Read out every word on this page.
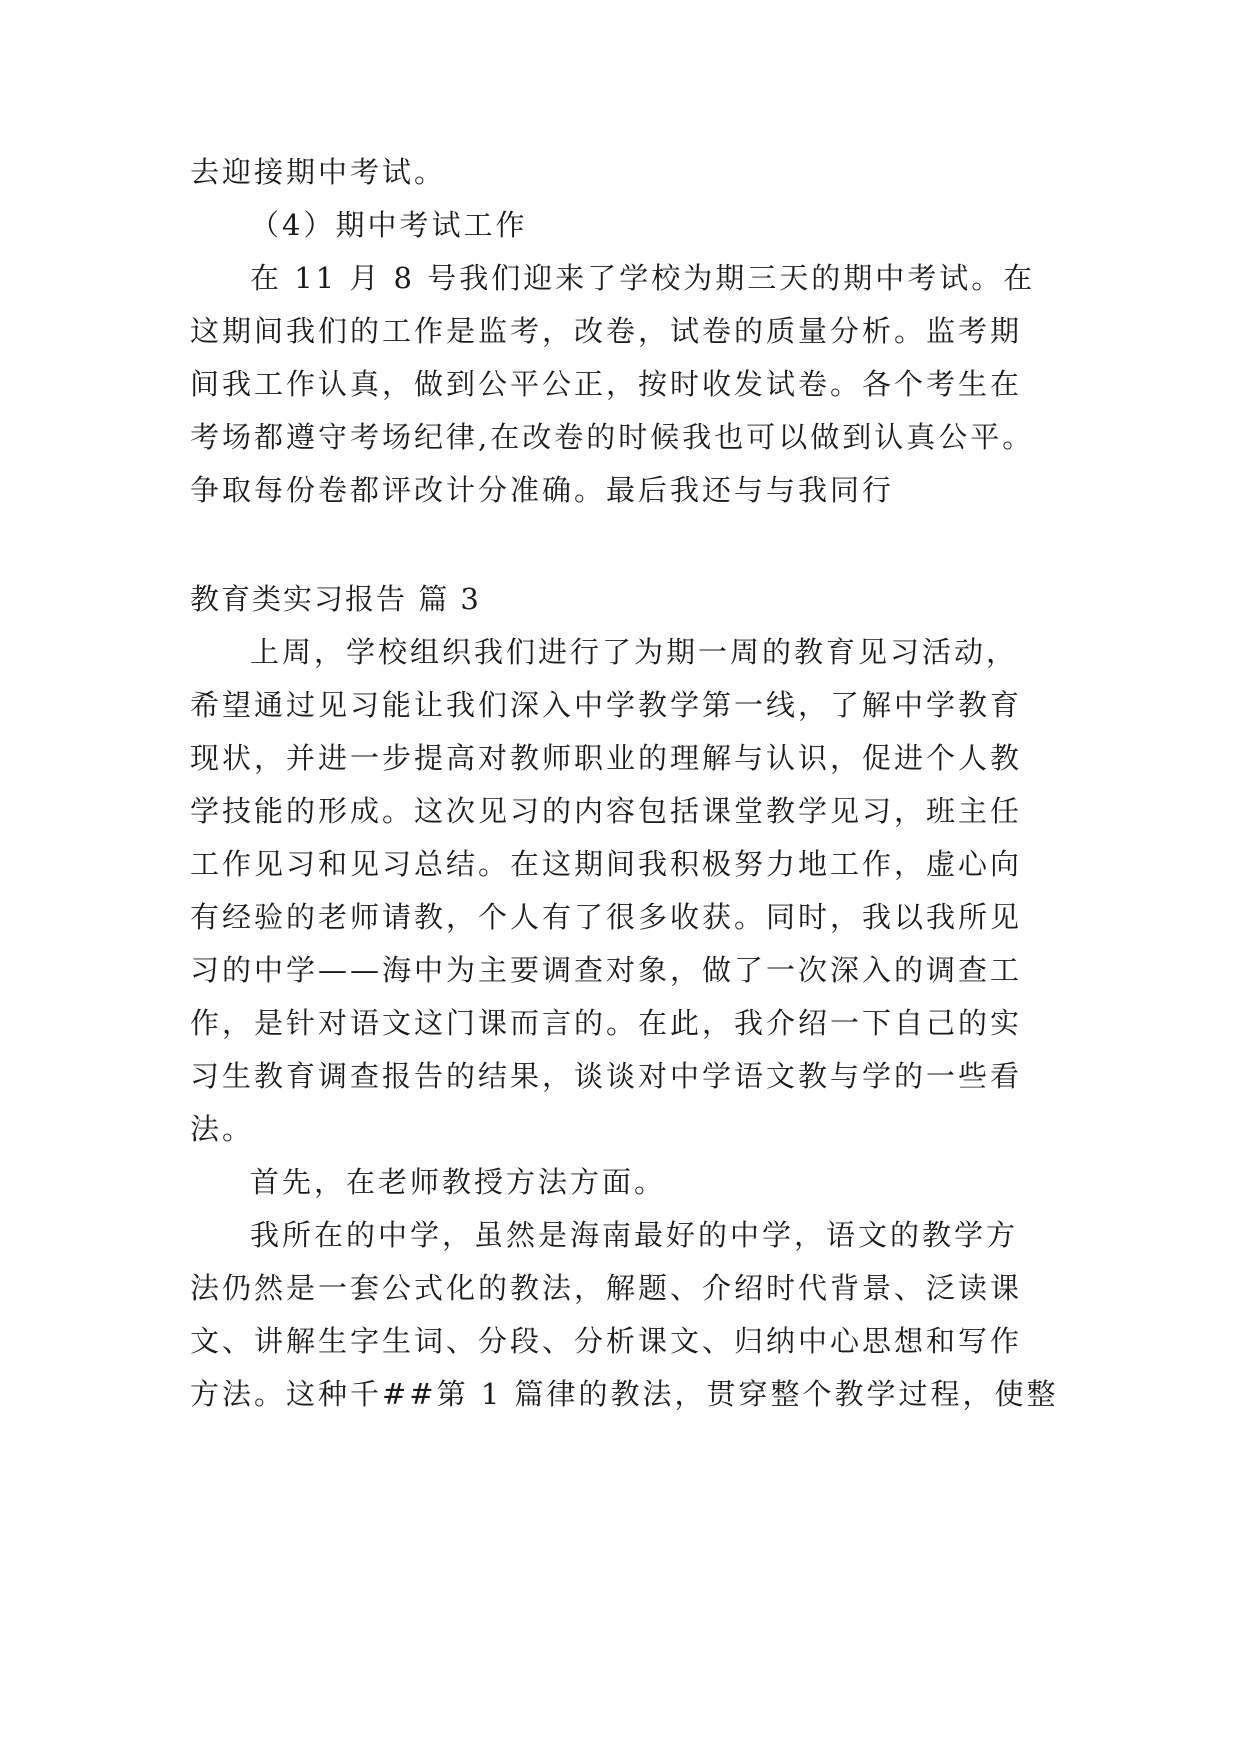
去迎接期中考试。
（4）期中考试工作
在 11 月 8 号我们迎来了学校为期三天的期中考试。在
这期间我们的工作是监考，改卷，试卷的质量分析。监考期
间我工作认真，做到公平公正，按时收发试卷。各个考生在
考场都遵守考场纪律,在改卷的时候我也可以做到认真公平。
争取每份卷都评改计分准确。最后我还与与我同行
教育类实习报告 篇 3
上周，学校组织我们进行了为期一周的教育见习活动，
希望通过见习能让我们深入中学教学第一线，了解中学教育
现状，并进一步提高对教师职业的理解与认识，促进个人教
学技能的形成。这次见习的内容包括课堂教学见习，班主任
工作见习和见习总结。在这期间我积极努力地工作，虚心向
有经验的老师请教，个人有了很多收获。同时，我以我所见
习的中学——海中为主要调查对象，做了一次深入的调查工
作，是针对语文这门课而言的。在此，我介绍一下自己的实
习生教育调查报告的结果，谈谈对中学语文教与学的一些看
法。
首先，在老师教授方法方面。
我所在的中学，虽然是海南最好的中学，语文的教学方
法仍然是一套公式化的教法，解题、介绍时代背景、泛读课
文、讲解生字生词、分段、分析课文、归纳中心思想和写作
方法。这种千##第 1 篇律的教法，贯穿整个教学过程，使整
